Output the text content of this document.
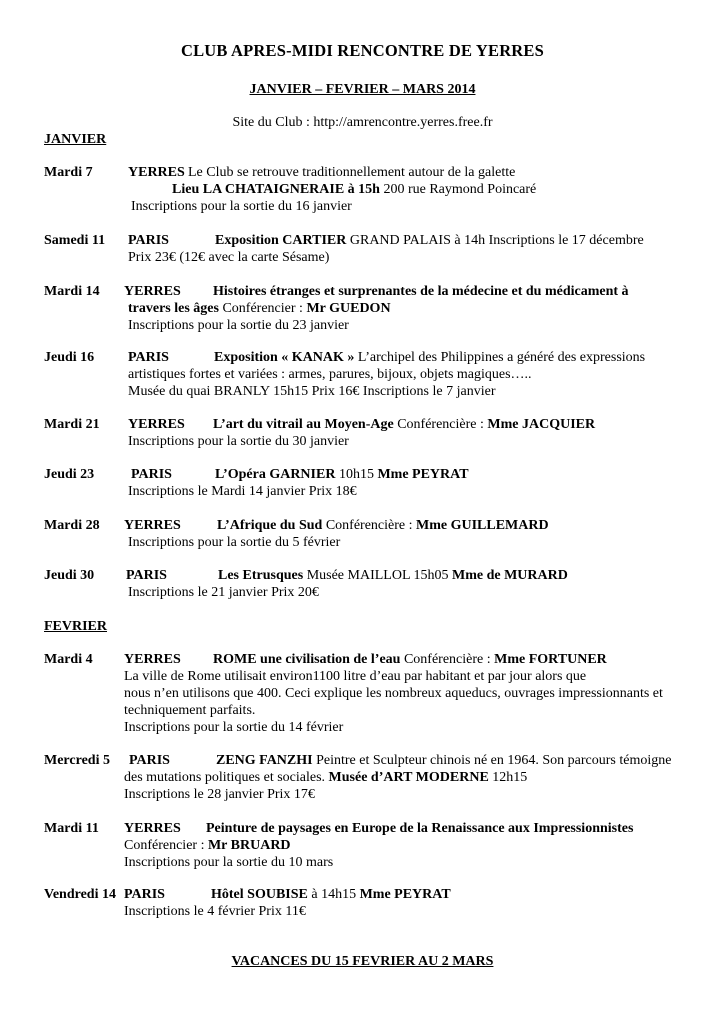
CLUB APRES-MIDI RENCONTRE DE YERRES
JANVIER – FEVRIER – MARS 2014
Site du Club : http://amrencontre.yerres.free.fr
JANVIER
FEVRIER
Mardi 7	YERRES Le Club se retrouve traditionnellement autour de la galette
Lieu LA CHATAIGNERAIE à 15h 200 rue Raymond Poincaré
Inscriptions pour la sortie du 16 janvier
Samedi 11 PARIS	Exposition CARTIER GRAND PALAIS à 14h Inscriptions le 17 décembre
Prix 23€ (12€ avec la carte Sésame)
Mardi 14 YERRES Histoires étranges et surprenantes de la médecine et du médicament à
travers les âges Conférencier : Mr GUEDON
Inscriptions pour la sortie du 23 janvier
Jeudi 16 PARIS	Exposition « KANAK » L’archipel des Philippines a généré des expressions
artistiques fortes et variées : armes, parures, bijoux, objets magiques…..
Musée du quai BRANLY 15h15 Prix 16€ Inscriptions le 7 janvier
Mardi 21 YERRES L’art du vitrail au Moyen-Age Conférencière : Mme JACQUIER
Inscriptions pour la sortie du 30 janvier
Jeudi 23	PARIS	L’Opéra GARNIER 10h15 Mme PEYRAT
Inscriptions le Mardi 14 janvier Prix 18€
Mardi 28 YERRES	L’Afrique du Sud Conférencière : Mme GUILLEMARD
Inscriptions pour la sortie du 5 février
Jeudi 30 PARIS	Les Etrusques Musée MAILLOL 15h05 Mme de MURARD
Inscriptions le 21 janvier Prix 20€
Mardi 4 YERRES ROME une civilisation de l’eau Conférencière : Mme FORTUNER
La ville de Rome utilisait environ1100 litre d’eau par habitant et par jour alors que
nous n’en utilisons que 400. Ceci explique les nombreux aqueducs, ouvrages impressionnants et
techniquement parfaits.
Inscriptions pour la sortie du 14 février
Mercredi 5 PARIS	ZENG FANZHI Peintre et Sculpteur chinois né en 1964. Son parcours témoigne
des mutations politiques et sociales. Musée d’ART MODERNE 12h15
Inscriptions le 28 janvier Prix 17€
Mardi 11 YERRES Peinture de paysages en Europe de la Renaissance aux Impressionnistes
Conférencier : Mr BRUARD
Inscriptions pour la sortie du 10 mars
Vendredi 14 PARIS	Hôtel SOUBISE à 14h15 Mme PEYRAT
Inscriptions le 4 février Prix 11€
VACANCES DU 15 FEVRIER AU 2 MARS
